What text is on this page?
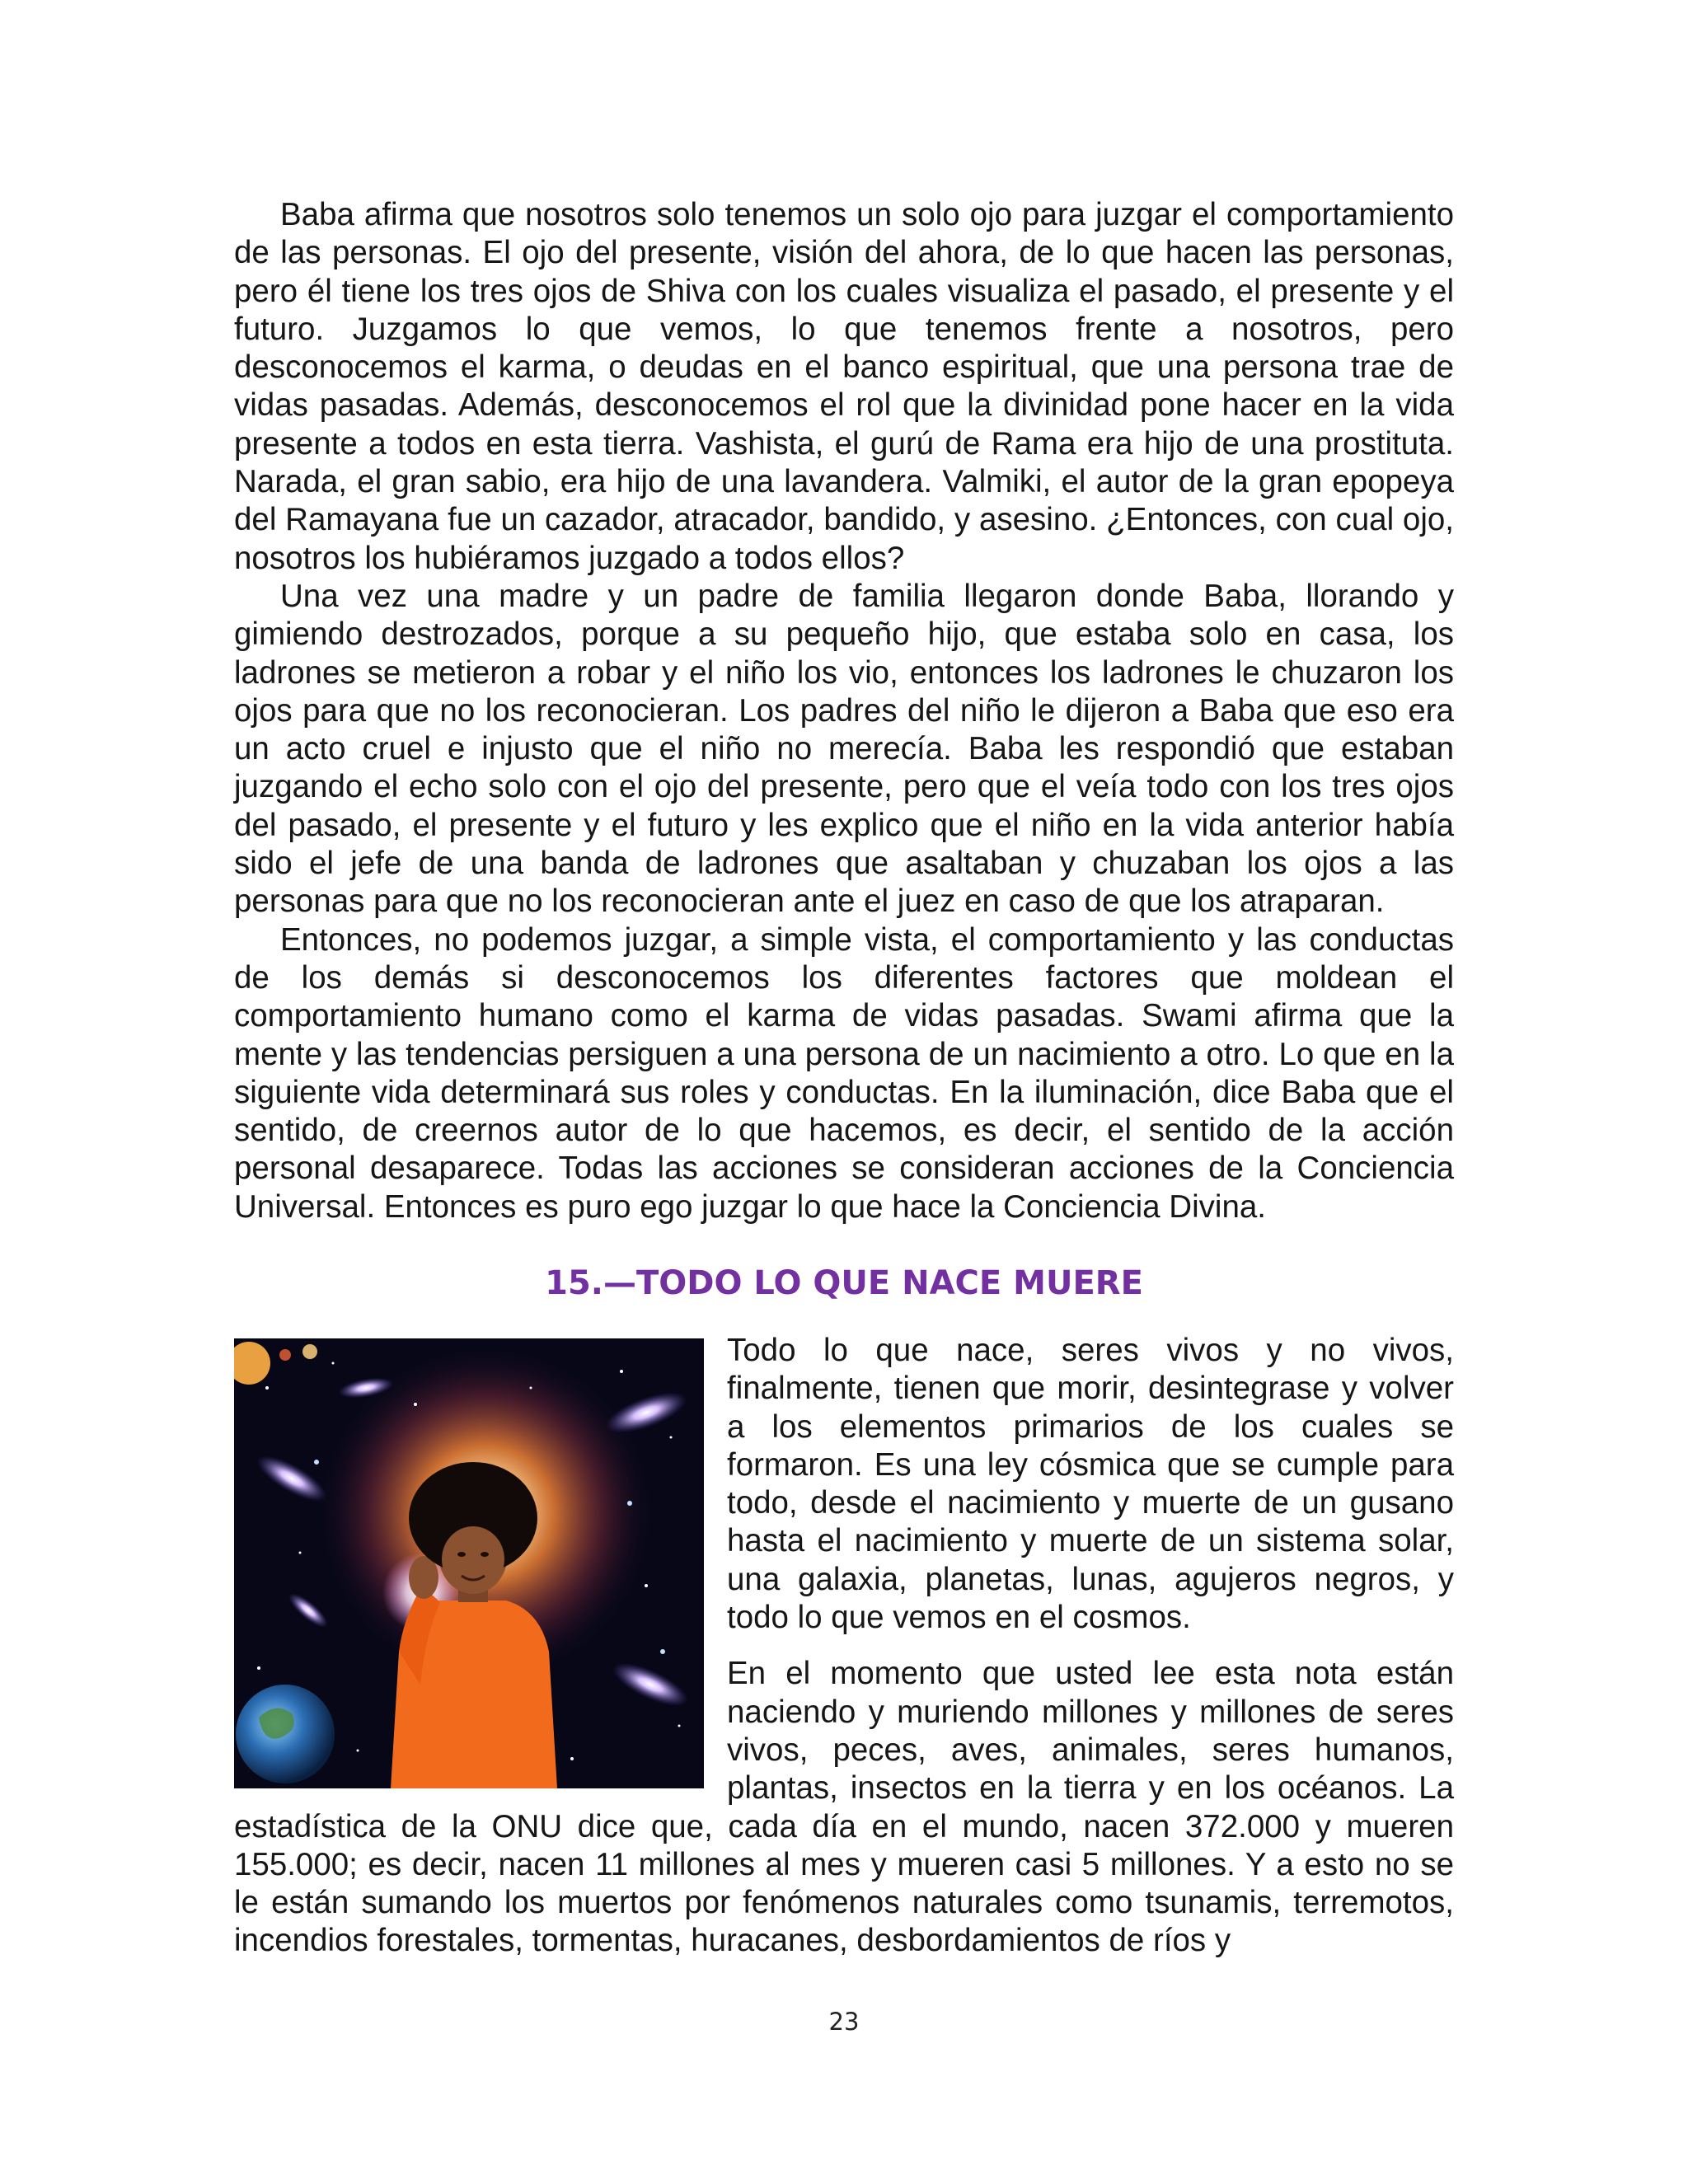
Baba afirma que nosotros solo tenemos un solo ojo para juzgar el comportamiento de las personas. El ojo del presente, visión del ahora, de lo que hacen las personas, pero él tiene los tres ojos de Shiva con los cuales visualiza el pasado, el presente y el futuro. Juzgamos lo que vemos, lo que tenemos frente a nosotros, pero desconocemos el karma, o deudas en el banco espiritual, que una persona trae de vidas pasadas. Además, desconocemos el rol que la divinidad pone hacer en la vida presente a todos en esta tierra. Vashista, el gurú de Rama era hijo de una prostituta. Narada, el gran sabio, era hijo de una lavandera. Valmiki, el autor de la gran epopeya del Ramayana fue un cazador, atracador, bandido, y asesino. ¿Entonces, con cual ojo, nosotros los hubiéramos juzgado a todos ellos?

Una vez una madre y un padre de familia llegaron donde Baba, llorando y gimiendo destrozados, porque a su pequeño hijo, que estaba solo en casa, los ladrones se metieron a robar y el niño los vio, entonces los ladrones le chuzaron los ojos para que no los reconocieran. Los padres del niño le dijeron a Baba que eso era un acto cruel e injusto que el niño no merecía. Baba les respondió que estaban juzgando el echo solo con el ojo del presente, pero que el veía todo con los tres ojos del pasado, el presente y el futuro y les explico que el niño en la vida anterior había sido el jefe de una banda de ladrones que asaltaban y chuzaban los ojos a las personas para que no los reconocieran ante el juez en caso de que los atraparan.

Entonces, no podemos juzgar, a simple vista, el comportamiento y las conductas de los demás si desconocemos los diferentes factores que moldean el comportamiento humano como el karma de vidas pasadas. Swami afirma que la mente y las tendencias persiguen a una persona de un nacimiento a otro. Lo que en la siguiente vida determinará sus roles y conductas. En la iluminación, dice Baba que el sentido, de creernos autor de lo que hacemos, es decir, el sentido de la acción personal desaparece. Todas las acciones se consideran acciones de la Conciencia Universal. Entonces es puro ego juzgar lo que hace la Conciencia Divina.

15.—TODO LO QUE NACE MUERE

Todo lo que nace, seres vivos y no vivos, finalmente, tienen que morir, desintegrase y volver a los elementos primarios de los cuales se formaron. Es una ley cósmica que se cumple para todo, desde el nacimiento y muerte de un gusano hasta el nacimiento y muerte de un sistema solar, una galaxia, planetas, lunas, agujeros negros, y todo lo que vemos en el cosmos.

En el momento que usted lee esta nota están naciendo y muriendo millones y millones de seres vivos, peces, aves, animales, seres humanos, plantas, insectos en la tierra y en los océanos. La estadística de la ONU dice que, cada día en el mundo, nacen 372.000 y mueren 155.000; es decir, nacen 11 millones al mes y mueren casi 5 millones. Y a esto no se le están sumando los muertos por fenómenos naturales como tsunamis, terremotos, incendios forestales, tormentas, huracanes, desbordamientos de ríos y

23
